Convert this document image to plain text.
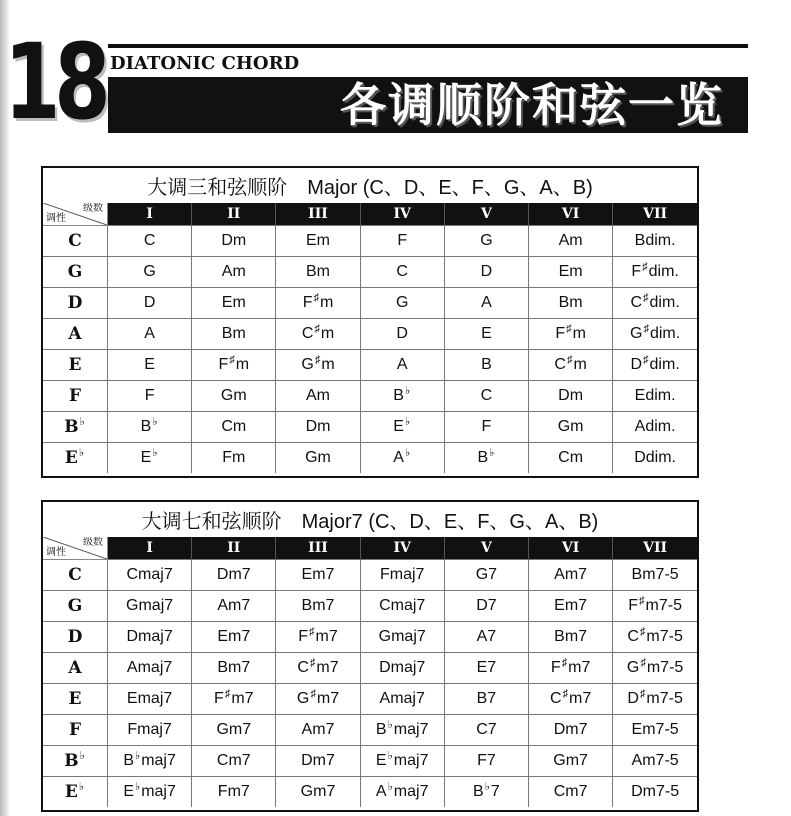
18 DIATONIC CHORD
各调顺阶和弦一览
大调三和弦顺阶 Major (C、D、E、F、G、A、B)
级数
调性	I	II	III	IV	V	VI	VII
C	C	Dm	Em	F	G	Am	Bdim.
G	G	Am	Bm	C	D	Em	F♯dim.
D	D	Em	F♯m	G	A	Bm	C♯dim.
A	A	Bm	C♯m	D	E	F♯m	G♯dim.
E	E	F♯m	G♯m	A	B	C♯m	D♯dim.
F	F	Gm	Am	B♭	C	Dm	Edim.
B♭	B♭	Cm	Dm	E♭	F	Gm	Adim.
E♭	E♭	Fm	Gm	A♭	B♭	Cm	Ddim.
大调七和弦顺阶 Major7 (C、D、E、F、G、A、B)
级数
调性	I	II	III	IV	V	VI	VII
C	Cmaj7	Dm7	Em7	Fmaj7	G7	Am7	Bm7-5
G	Gmaj7	Am7	Bm7	Cmaj7	D7	Em7	F♯m7-5
D	Dmaj7	Em7	F♯m7	Gmaj7	A7	Bm7	C♯m7-5
A	Amaj7	Bm7	C♯m7	Dmaj7	E7	F♯m7	G♯m7-5
E	Emaj7	F♯m7	G♯m7	Amaj7	B7	C♯m7	D♯m7-5
F	Fmaj7	Gm7	Am7	B♭maj7	C7	Dm7	Em7-5
B♭	B♭maj7	Cm7	Dm7	E♭maj7	F7	Gm7	Am7-5
E♭	E♭maj7	Fm7	Gm7	A♭maj7	B♭7	Cm7	Dm7-5
